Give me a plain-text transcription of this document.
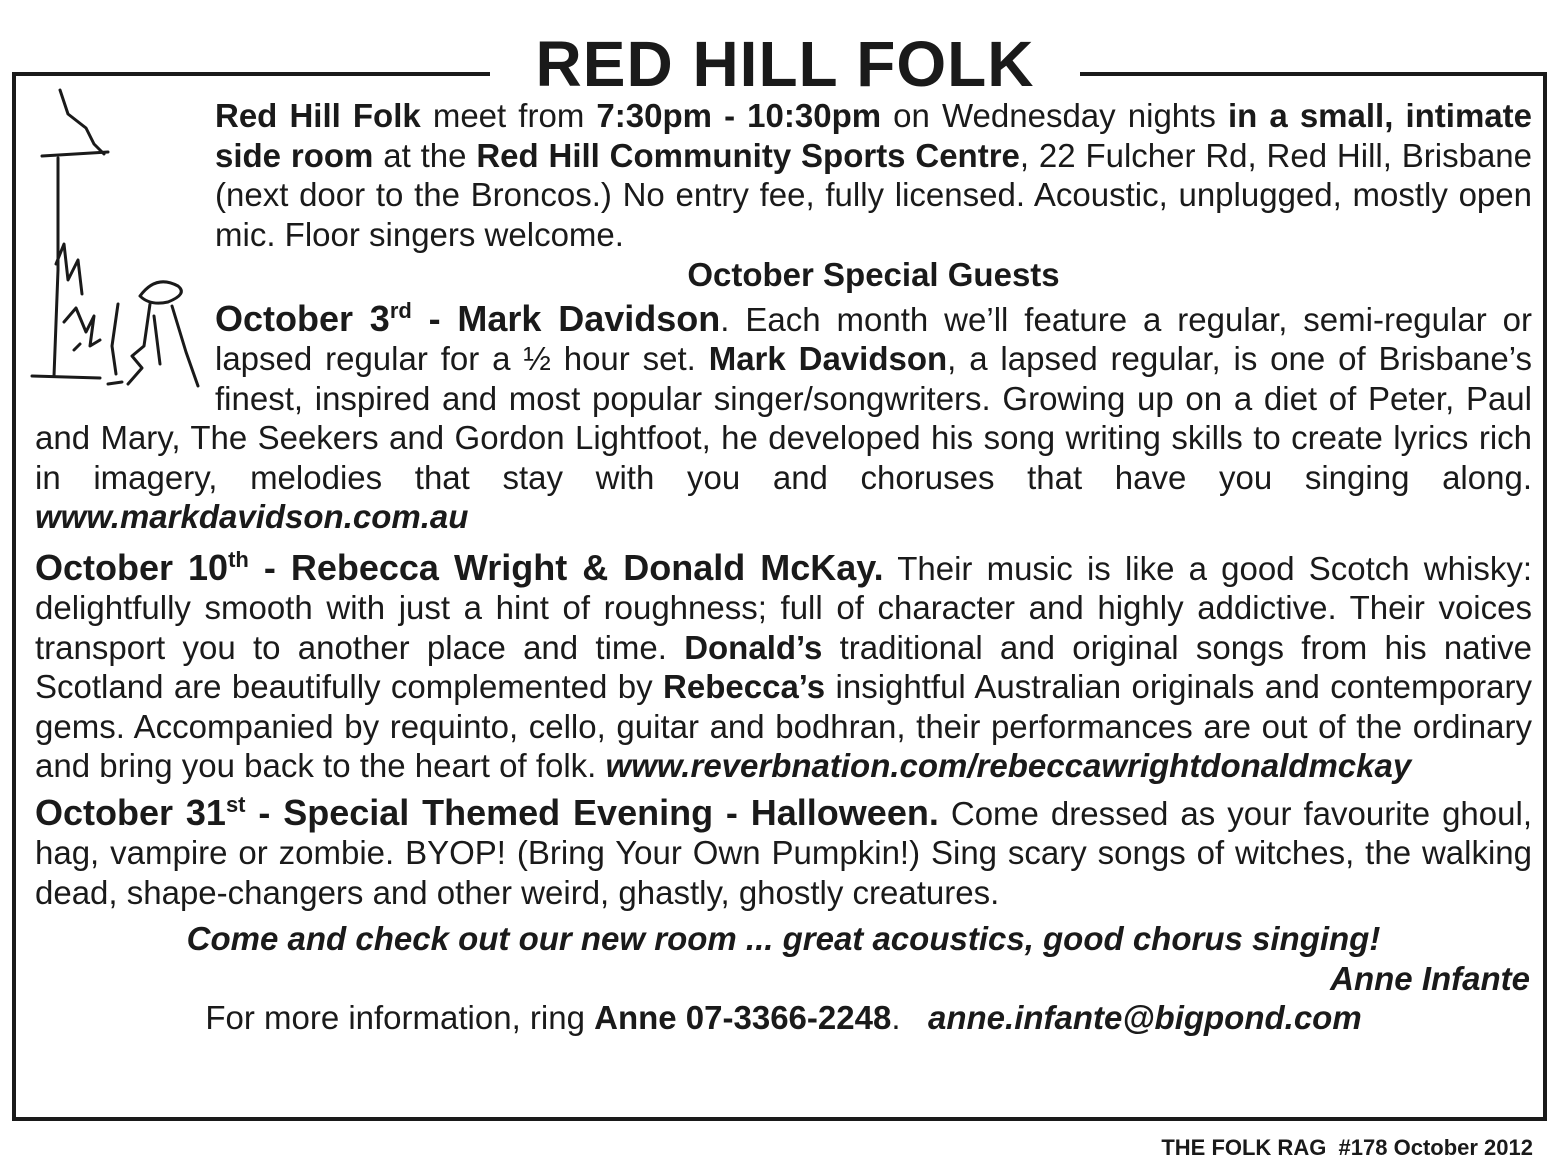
RED HILL FOLK

Red Hill Folk meet from 7:30pm - 10:30pm on Wednesday nights in a small, intimate side room at the Red Hill Community Sports Centre, 22 Fulcher Rd, Red Hill, Brisbane (next door to the Broncos.) No entry fee, fully licensed. Acoustic, unplugged, mostly open mic. Floor singers welcome.

October Special Guests

October 3rd - Mark Davidson. Each month we’ll feature a regular, semi-regular or lapsed regular for a ½ hour set. Mark Davidson, a lapsed regular, is one of Brisbane’s finest, inspired and most popular singer/songwriters. Growing up on a diet of Peter, Paul and Mary, The Seekers and Gordon Lightfoot, he developed his song writing skills to create lyrics rich in imagery, melodies that stay with you and choruses that have you singing along. www.markdavidson.com.au

October 10th - Rebecca Wright & Donald McKay. Their music is like a good Scotch whisky: delightfully smooth with just a hint of roughness; full of character and highly addictive. Their voices transport you to another place and time. Donald’s traditional and original songs from his native Scotland are beautifully complemented by Rebecca’s insightful Australian originals and contemporary gems. Accompanied by requinto, cello, guitar and bodhran, their performances are out of the ordinary and bring you back to the heart of folk. www.reverbnation.com/rebeccawrightdonaldmckay

October 31st - Special Themed Evening - Halloween. Come dressed as your favourite ghoul, hag, vampire or zombie. BYOP! (Bring Your Own Pumpkin!) Sing scary songs of witches, the walking dead, shape-changers and other weird, ghastly, ghostly creatures.

Come and check out our new room ... great acoustics, good chorus singing!

Anne Infante

For more information, ring Anne 07-3366-2248.   anne.infante@bigpond.com

THE FOLK RAG  #178 October 2012
